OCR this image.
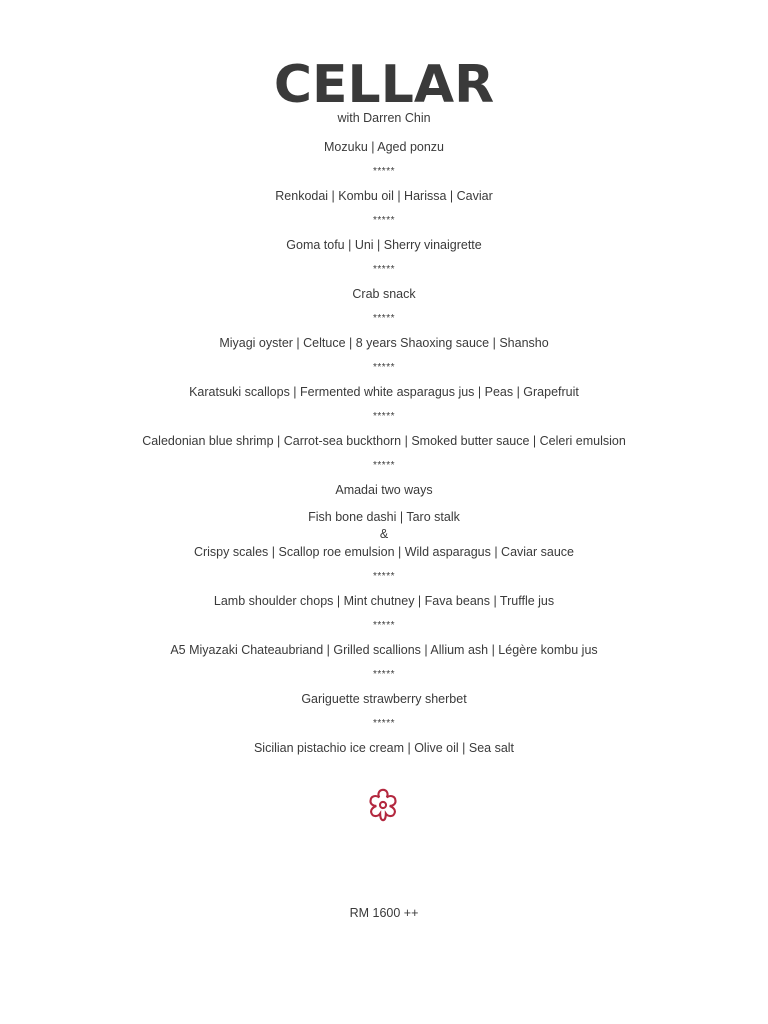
CELLAR
with Darren Chin
Mozuku | Aged ponzu
*****
Renkodai | Kombu oil | Harissa | Caviar
*****
Goma tofu | Uni | Sherry vinaigrette
*****
Crab snack
*****
Miyagi oyster | Celtuce | 8 years Shaoxing sauce | Shansho
*****
Karatsuki scallops | Fermented white asparagus jus | Peas | Grapefruit
*****
Caledonian blue shrimp | Carrot-sea buckthorn | Smoked butter sauce | Celeri emulsion
*****
Amadai two ways
Fish bone dashi | Taro stalk
&
Crispy scales | Scallop roe emulsion | Wild asparagus | Caviar sauce
*****
Lamb shoulder chops | Mint chutney | Fava beans | Truffle jus
*****
A5 Miyazaki Chateaubriand | Grilled scallions | Allium ash | Légère kombu jus
*****
Gariguette strawberry sherbet
*****
Sicilian pistachio ice cream | Olive oil | Sea salt
RM 1600 ++
